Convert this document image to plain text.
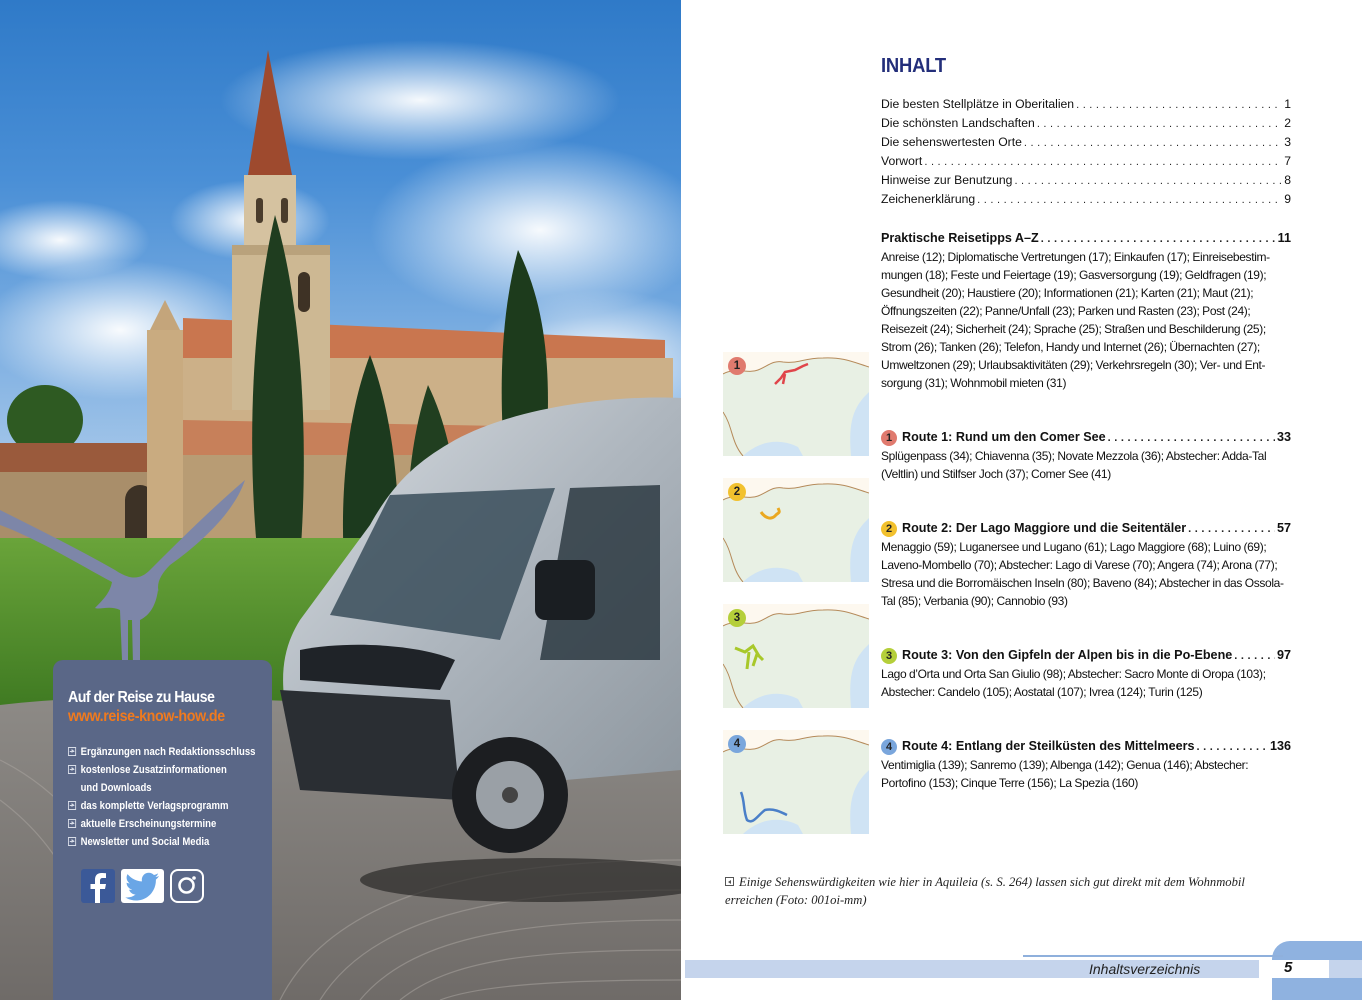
Auf der Reise zu Hause
www.reise-know-how.de
Ergänzungen nach Redaktionsschluss
kostenlose Zusatzinformationen
und Downloads
das komplette Verlagsprogramm
aktuelle Erscheinungstermine
Newsletter und Social Media
1
2
3
4
INHALT
Die besten Stellplätze in Oberitalien . . .	1
Die schönsten Landschaften . . .	2
Die sehenswertesten Orte . . .	3
Vorwort . . .	7
Hinweise zur Benutzung . . .	8
Zeichenerklärung . . .	9
Praktische Reisetipps A–Z . . .	11
Anreise (12); Diplomatische Vertretungen (17); Einkaufen (17); Einreisebestimmungen (18); Feste und Feiertage (19); Gasversorgung (19); Geldfragen (19); Gesundheit (20); Haustiere (20); Informationen (21); Karten (21); Maut (21); Öffnungszeiten (22); Panne/Unfall (23); Parken und Rasten (23); Post (24); Reisezeit (24); Sicherheit (24); Sprache (25); Straßen und Beschilderung (25); Strom (26); Tanken (26); Telefon, Handy und Internet (26); Übernachten (27); Umweltzonen (29); Urlaubsaktivitäten (29); Verkehrsregeln (30); Ver- und Entsorgung (31); Wohnmobil mieten (31)
1 Route 1: Rund um den Comer See . . .	33
Splügenpass (34); Chiavenna (35); Novate Mezzola (36); Abstecher: Adda-Tal (Veltlin) und Stilfser Joch (37); Comer See (41)
2 Route 2: Der Lago Maggiore und die Seitentäler . . .	57
Menaggio (59); Luganersee und Lugano (61); Lago Maggiore (68); Luino (69); Laveno-Mombello (70); Abstecher: Lago di Varese (70); Angera (74); Arona (77); Stresa und die Borromäischen Inseln (80); Baveno (84); Abstecher in das Ossola-Tal (85); Verbania (90); Cannobio (93)
3 Route 3: Von den Gipfeln der Alpen bis in die Po-Ebene . . .	97
Lago d’Orta und Orta San Giulio (98); Abstecher: Sacro Monte di Oropa (103); Abstecher: Candelo (105); Aostatal (107); Ivrea (124); Turin (125)
4 Route 4: Entlang der Steilküsten des Mittelmeers . . .	136
Ventimiglia (139); Sanremo (139); Albenga (142); Genua (146); Abstecher: Portofino (153); Cinque Terre (156); La Spezia (160)
Einige Sehenswürdigkeiten wie hier in Aquileia (s. S. 264) lassen sich gut direkt mit dem Wohnmobil erreichen (Foto: 001oi-mm)
Inhaltsverzeichnis	5
